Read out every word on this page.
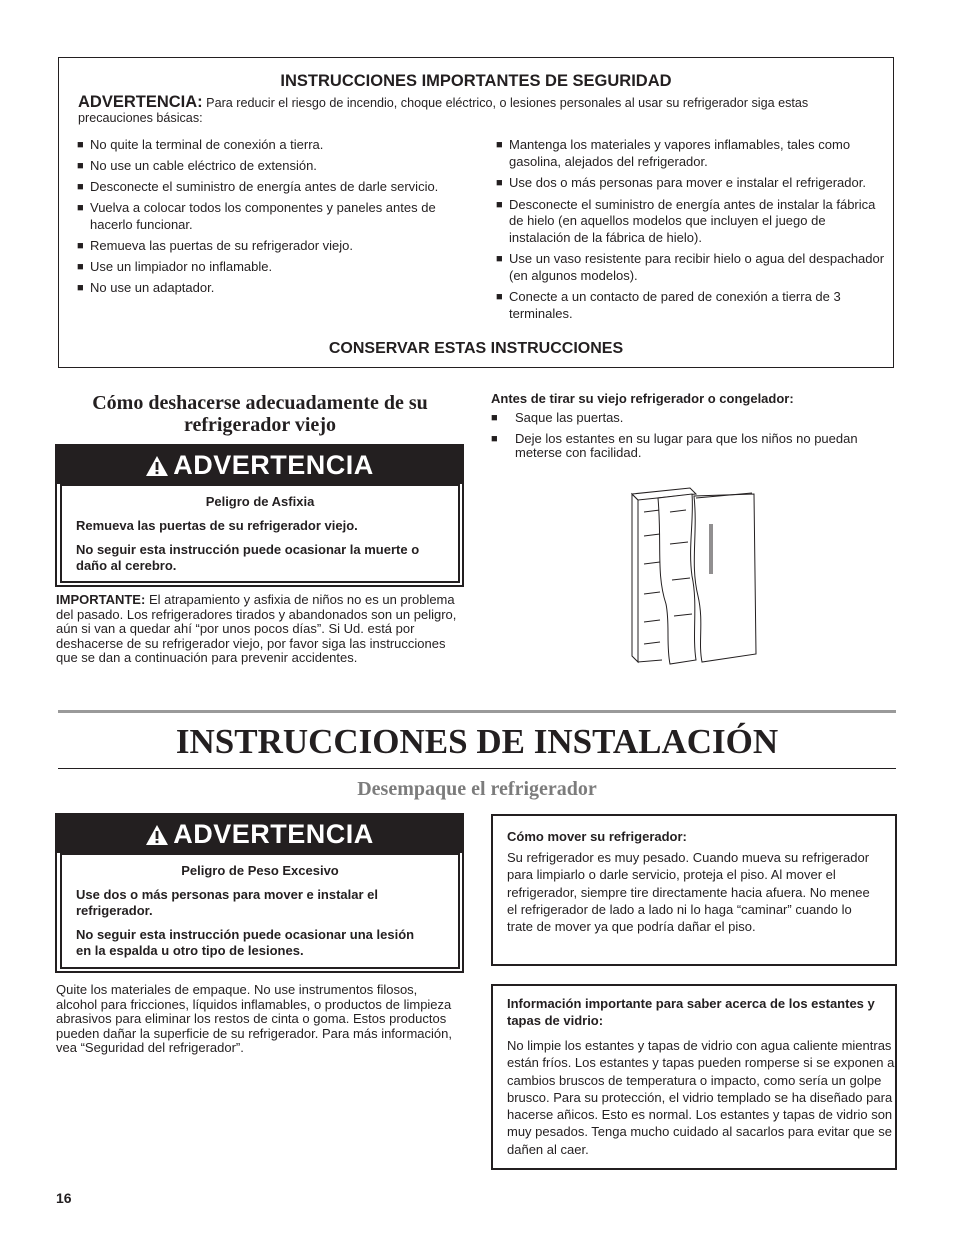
INSTRUCCIONES IMPORTANTES DE SEGURIDAD
ADVERTENCIA: Para reducir el riesgo de incendio, choque eléctrico, o lesiones personales al usar su refrigerador siga estas precauciones básicas:
■ No quite la terminal de conexión a tierra.
■ No use un cable eléctrico de extensión.
■ Desconecte el suministro de energía antes de darle servicio.
■ Vuelva a colocar todos los componentes y paneles antes de hacerlo funcionar.
■ Remueva las puertas de su refrigerador viejo.
■ Use un limpiador no inflamable.
■ No use un adaptador.
■ Mantenga los materiales y vapores inflamables, tales como gasolina, alejados del refrigerador.
■ Use dos o más personas para mover e instalar el refrigerador.
■ Desconecte el suministro de energía antes de instalar la fábrica de hielo (en aquellos modelos que incluyen el juego de instalación de la fábrica de hielo).
■ Use un vaso resistente para recibir hielo o agua del despachador (en algunos modelos).
■ Conecte a un contacto de pared de conexión a tierra de 3 terminales.
CONSERVAR ESTAS INSTRUCCIONES
Cómo deshacerse adecuadamente de su refrigerador viejo
ADVERTENCIA
Peligro de Asfixia
Remueva las puertas de su refrigerador viejo.
No seguir esta instrucción puede ocasionar la muerte o daño al cerebro.
IMPORTANTE: El atrapamiento y asfixia de niños no es un problema del pasado. Los refrigeradores tirados y abandonados son un peligro, aún si van a quedar ahí “por unos pocos días”. Si Ud. está por deshacerse de su refrigerador viejo, por favor siga las instrucciones que se dan a continuación para prevenir accidentes.
Antes de tirar su viejo refrigerador o congelador:
■ Saque las puertas.
■ Deje los estantes en su lugar para que los niños no puedan meterse con facilidad.
INSTRUCCIONES DE INSTALACIÓN
Desempaque el refrigerador
ADVERTENCIA
Peligro de Peso Excesivo
Use dos o más personas para mover e instalar el refrigerador.
No seguir esta instrucción puede ocasionar una lesión en la espalda u otro tipo de lesiones.
Quite los materiales de empaque. No use instrumentos filosos, alcohol para fricciones, líquidos inflamables, o productos de limpieza abrasivos para eliminar los restos de cinta o goma. Estos productos pueden dañar la superficie de su refrigerador. Para más información, vea “Seguridad del refrigerador”.
Cómo mover su refrigerador:
Su refrigerador es muy pesado. Cuando mueva su refrigerador para limpiarlo o darle servicio, proteja el piso. Al mover el refrigerador, siempre tire directamente hacia afuera. No menee el refrigerador de lado a lado ni lo haga “caminar” cuando lo trate de mover ya que podría dañar el piso.
Información importante para saber acerca de los estantes y tapas de vidrio:
No limpie los estantes y tapas de vidrio con agua caliente mientras están fríos. Los estantes y tapas pueden romperse si se exponen a cambios bruscos de temperatura o impacto, como sería un golpe brusco. Para su protección, el vidrio templado se ha diseñado para hacerse añicos. Esto es normal. Los estantes y tapas de vidrio son muy pesados. Tenga mucho cuidado al sacarlos para evitar que se dañen al caer.
16
